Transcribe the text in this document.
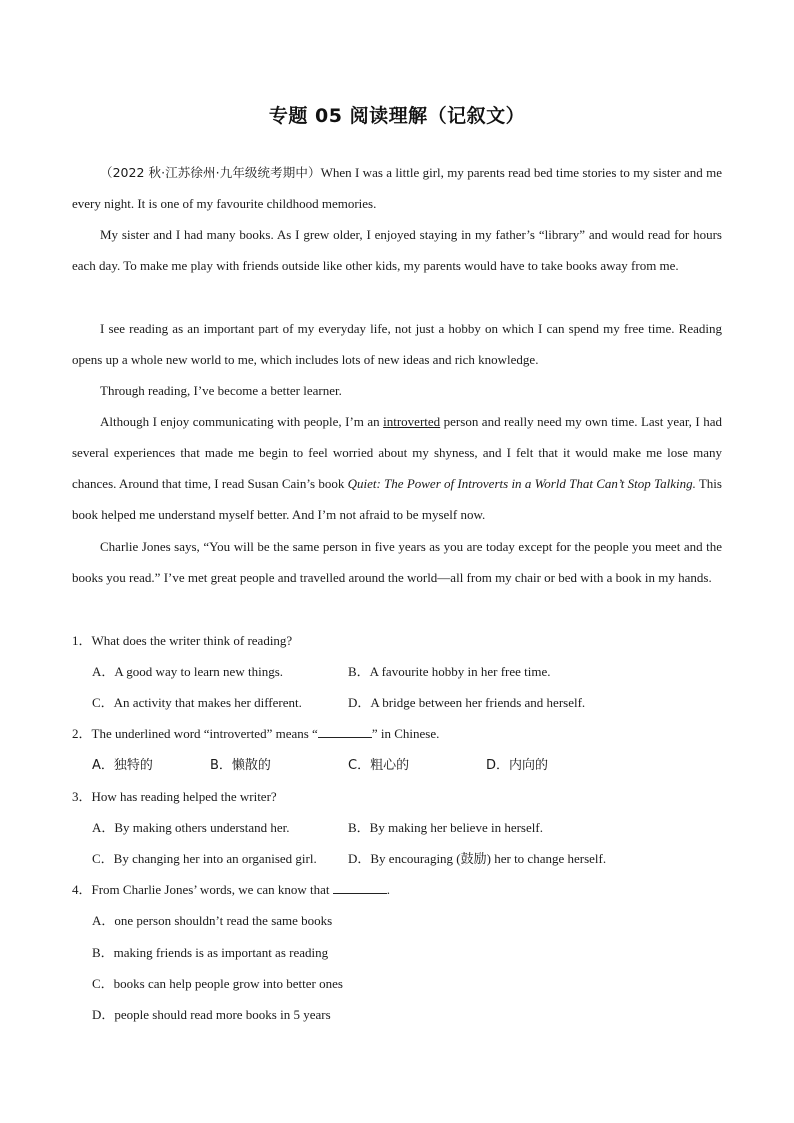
专题 05 阅读理解（记叙文）

（2022 秋·江苏徐州·九年级统考期中）When I was a little girl, my parents read bed time stories to my sister and me every night. It is one of my favourite childhood memories.

My sister and I had many books. As I grew older, I enjoyed staying in my father’s “library” and would read for hours each day. To make me play with friends outside like other kids, my parents would have to take books away from me.

I see reading as an important part of my everyday life, not just a hobby on which I can spend my free time. Reading opens up a whole new world to me, which includes lots of new ideas and rich knowledge.

Through reading, I’ve become a better learner.

Although I enjoy communicating with people, I’m an introverted person and really need my own time. Last year, I had several experiences that made me begin to feel worried about my shyness, and I felt that it would make me lose many chances. Around that time, I read Susan Cain’s book Quiet: The Power of Introverts in a World That Can’t Stop Talking. This book helped me understand myself better. And I’m not afraid to be myself now.

Charlie Jones says, “You will be the same person in five years as you are today except for the people you meet and the books you read.” I’ve met great people and travelled around the world—all from my chair or bed with a book in my hands.

1．What does the writer think of reading?

A．A good way to learn new things.	B．A favourite hobby in her free time.
C．An activity that makes her different.	D．A bridge between her friends and herself.

2．The underlined word “introverted” means “	” in Chinese.

A．独特的	B．懒散的	C．粗心的	D．内向的

3．How has reading helped the writer?

A．By making others understand her.	B．By making her believe in herself.
C．By changing her into an organised girl. D．By encouraging (鼓励) her to change herself.

4．From Charlie Jones’ words, we can know that	.

A．one person shouldn’t read the same books
B．making friends is as important as reading
C．books can help people grow into better ones
D．people should read more books in 5 years
